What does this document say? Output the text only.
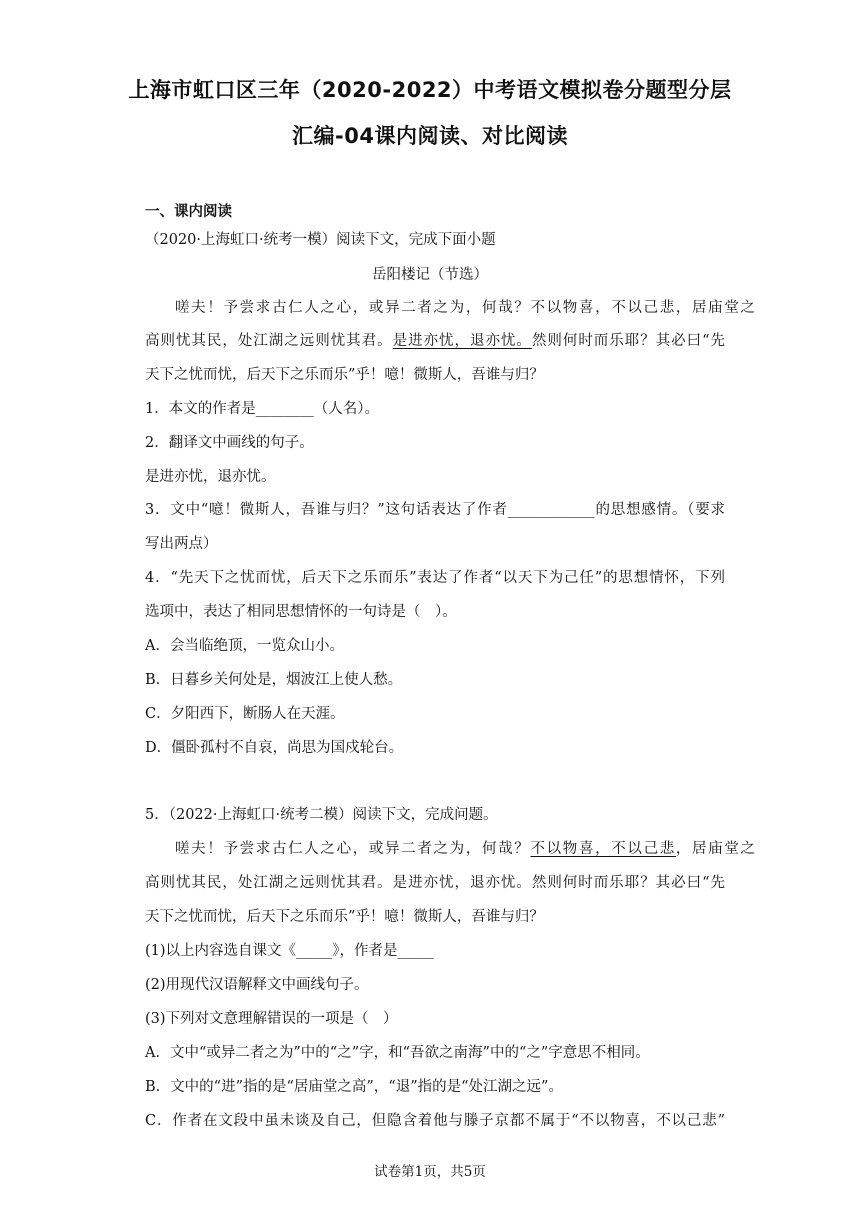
上海市虹口区三年（2020-2022）中考语文模拟卷分题型分层
汇编-04课内阅读、对比阅读
一、课内阅读
（2020·上海虹口·统考一模）阅读下文，完成下面小题
岳阳楼记（节选）
嗟夫！予尝求古仁人之心，或异二者之为，何哉？不以物喜，不以己悲，居庙堂之
高则忧其民，处江湖之远则忧其君。是进亦忧，退亦忧。然则何时而乐耶？其必曰“先
天下之忧而忧，后天下之乐而乐”乎！噫！微斯人，吾谁与归？
1．本文的作者是________（人名）。
2．翻译文中画线的句子。
是进亦忧，退亦忧。
3．文中“噫！微斯人，吾谁与归？”这句话表达了作者____________的思想感情。（要求
写出两点）
4．“先天下之忧而忧，后天下之乐而乐”表达了作者“以天下为己任”的思想情怀，下列
选项中，表达了相同思想情怀的一句诗是（　）。
A．会当临绝顶，一览众山小。
B．日暮乡关何处是，烟波江上使人愁。
C．夕阳西下，断肠人在天涯。
D．僵卧孤村不自哀，尚思为国戍轮台。
5．（2022·上海虹口·统考二模）阅读下文，完成问题。
嗟夫！予尝求古仁人之心，或异二者之为，何哉？不以物喜，不以己悲，居庙堂之
高则忧其民，处江湖之远则忧其君。是进亦忧，退亦忧。然则何时而乐耶？其必曰“先
天下之忧而忧，后天下之乐而乐”乎！噫！微斯人，吾谁与归？
(1)以上内容选自课文《_____》，作者是_____
(2)用现代汉语解释文中画线句子。
(3)下列对文意理解错误的一项是（　）
A．文中“或异二者之为”中的“之”字，和“吾欲之南海”中的“之”字意思不相同。
B．文中的“进”指的是“居庙堂之高”，“退”指的是“处江湖之远”。
C．作者在文段中虽未谈及自己，但隐含着他与滕子京都不属于“不以物喜，不以己悲”
试卷第1页，共5页
